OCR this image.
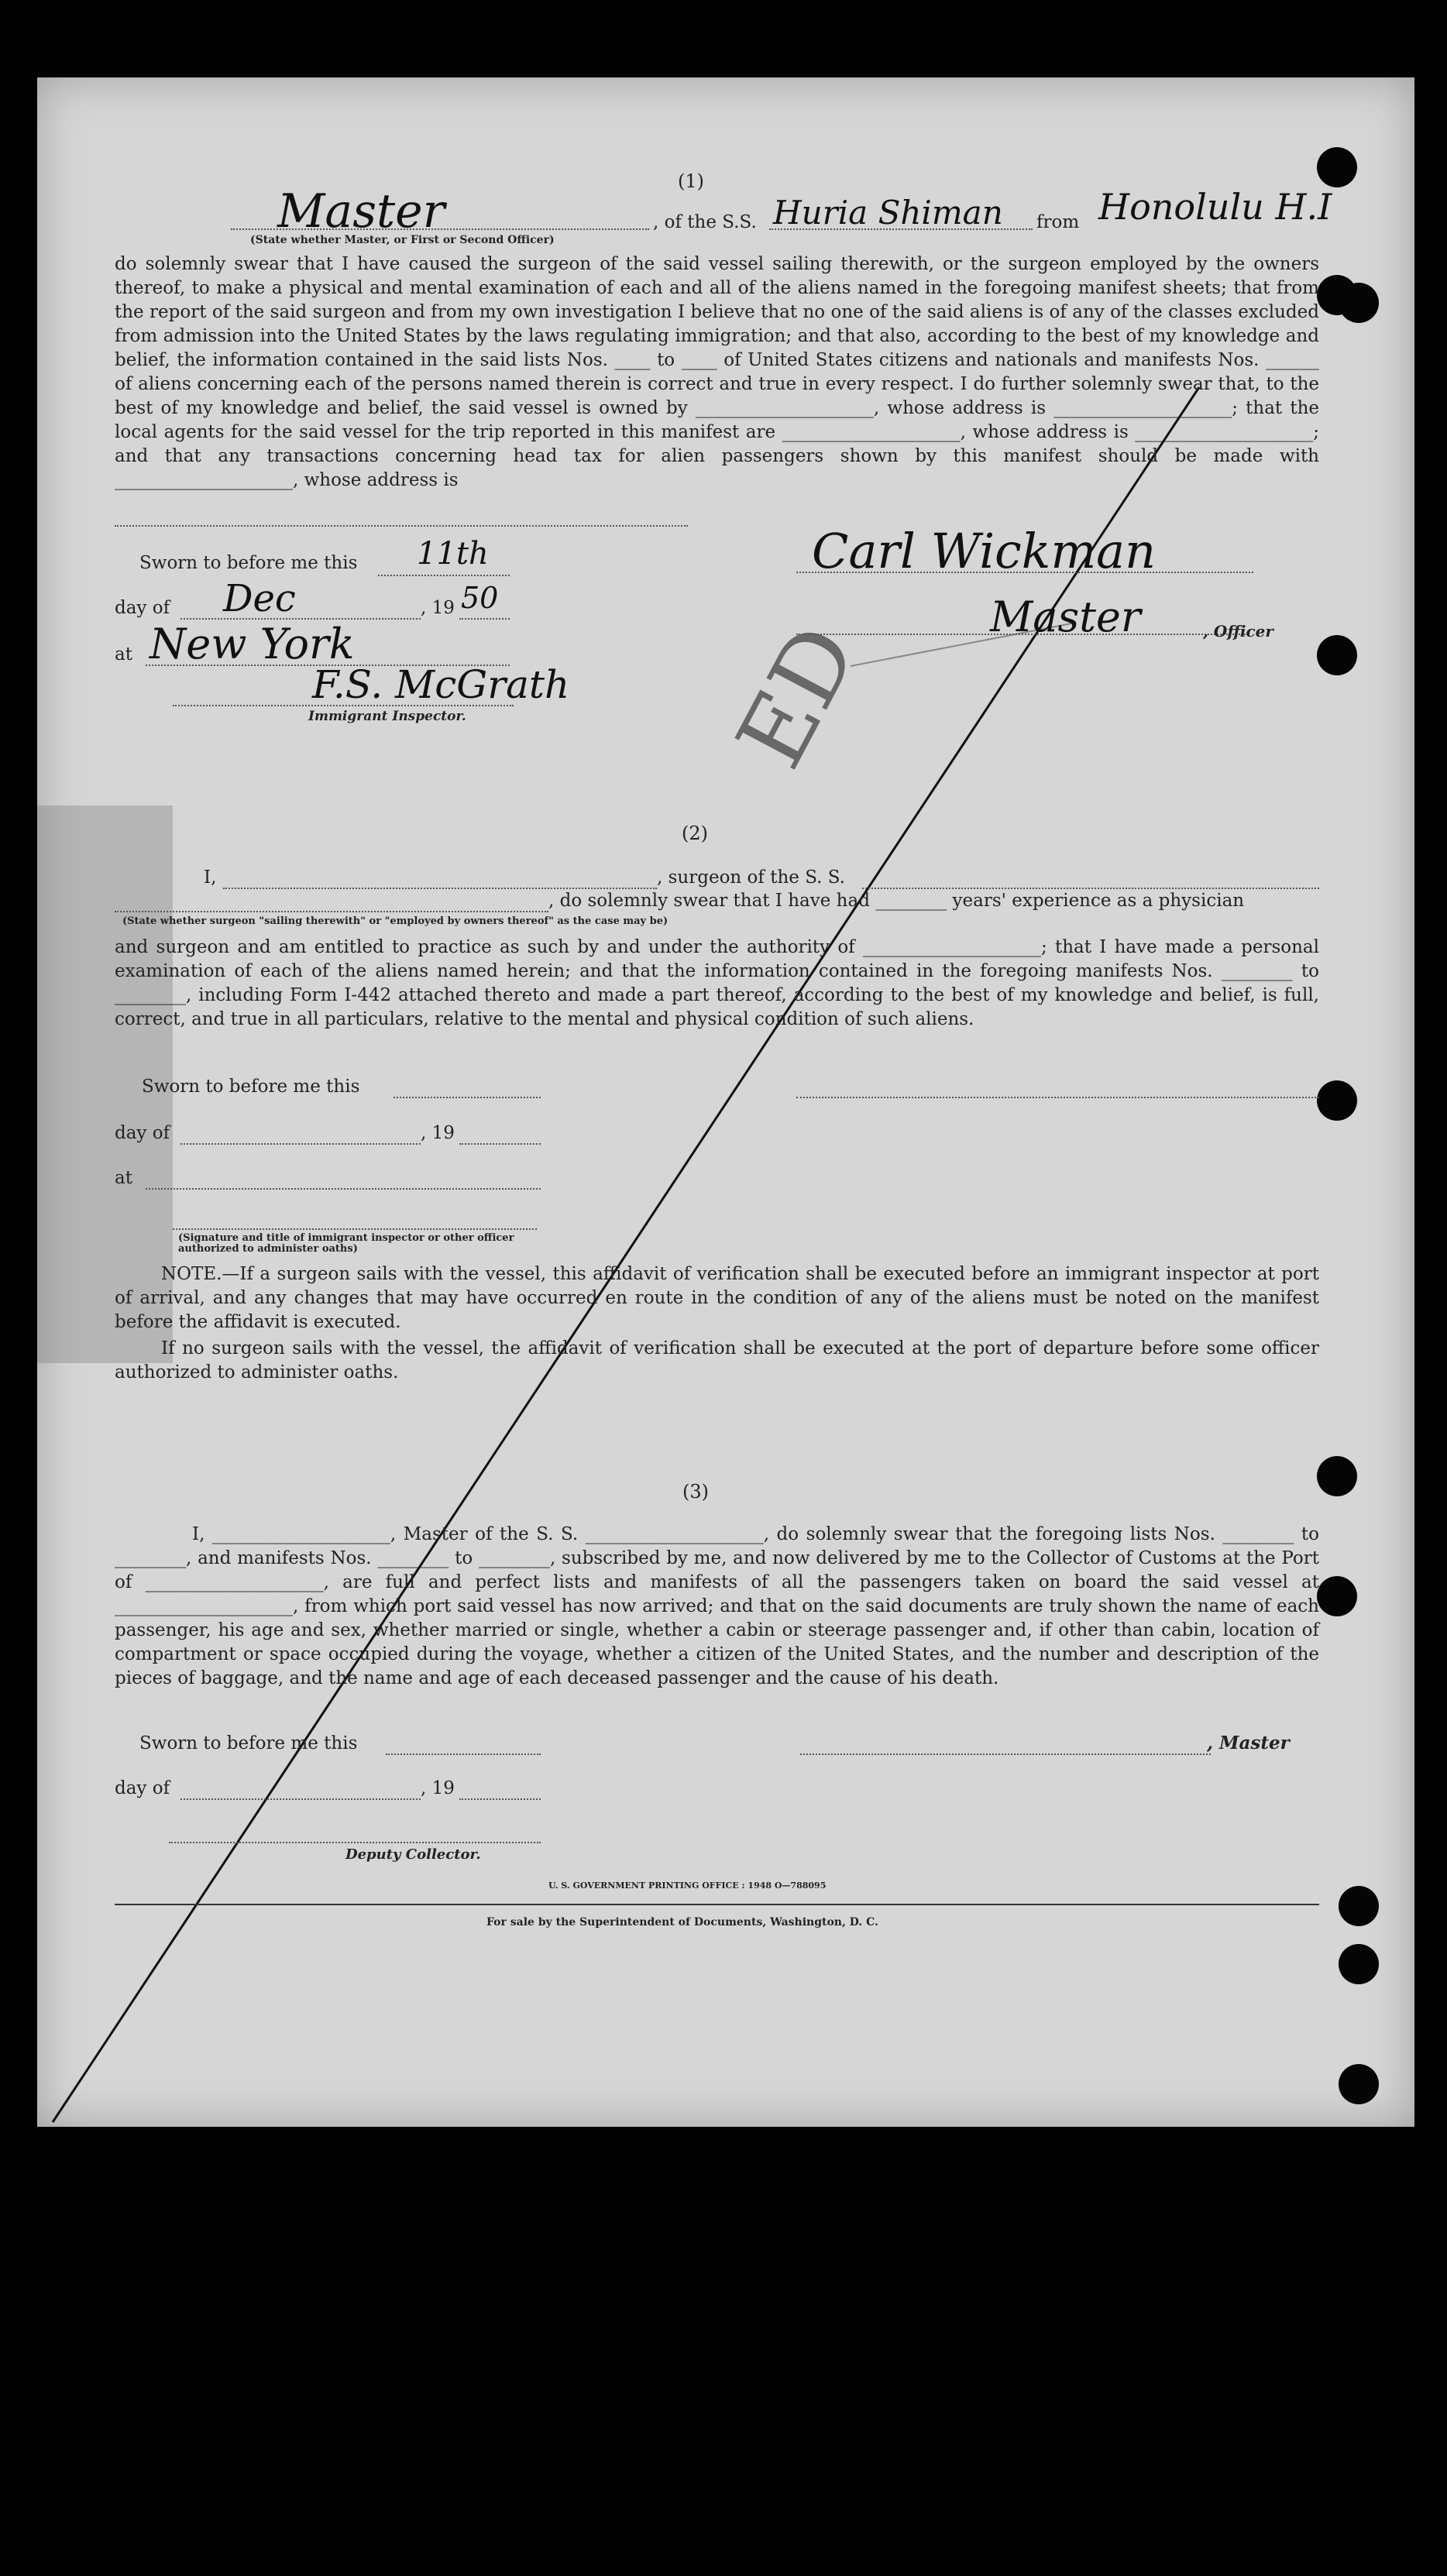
ED
(1)
Master	, of the S.S. Huria Shiman from Honolulu H.I
(State whether Master, or First or Second Officer)
do solemnly swear that I have caused the surgeon of the said vessel sailing therewith, or the surgeon employed by the owners thereof, to make a physical and mental examination of each and all of the aliens named in the foregoing manifest sheets; that from the report of the said surgeon and from my own investigation I believe that no one of the said aliens is of any of the classes excluded from admission into the United States by the laws regulating immigration; and that also, according to the best of my knowledge and belief, the information contained in the said lists Nos. ____ to ____ of United States citizens and nationals and manifests Nos. ______ of aliens concerning each of the persons named therein is correct and true in every respect. I do further solemnly swear that, to the best of my knowledge and belief, the said vessel is owned by ____________________, whose address is ____________________; that the local agents for the said vessel for the trip reported in this manifest are ____________________, whose address is ____________________; and that any transactions concerning head tax for alien passengers shown by this manifest should be made with ____________________, whose address is
Sworn to before me this 11th
day of Dec	, 19 50
at New York
F.S. McGrath
Immigrant Inspector.
Carl Wickman
Master	, Officer
(2)
I,	, surgeon of the S. S.
, do solemnly swear that I have had ________ years' experience as a physician
(State whether surgeon "sailing therewith" or "employed by owners thereof" as the case may be)
and surgeon and am entitled to practice as such by and under the authority of ____________________; that I have made a personal examination of each of the aliens named herein; and that the information contained in the foregoing manifests Nos. ________ to ________, including Form I-442 attached thereto and made a part thereof, according to the best of my knowledge and belief, is full, correct, and true in all particulars, relative to the mental and physical condition of such aliens.
Sworn to before me this
day of	, 19
at
(Signature and title of immigrant inspector or other officer authorized to administer oaths)
NOTE.—If a surgeon sails with the vessel, this affidavit of verification shall be executed before an immigrant inspector at port of arrival, and any changes that may have occurred en route in the condition of any of the aliens must be noted on the manifest before the affidavit is executed.
If no surgeon sails with the vessel, the affidavit of verification shall be executed at the port of departure before some officer authorized to administer oaths.
(3)
I, ____________________, Master of the S. S. ____________________, do solemnly swear that the foregoing lists Nos. ________ to ________, and manifests Nos. ________ to ________, subscribed by me, and now delivered by me to the Collector of Customs at the Port of ____________________, are full and perfect lists and manifests of all the passengers taken on board the said vessel at ____________________, from which port said vessel has now arrived; and that on the said documents are truly shown the name of each passenger, his age and sex, whether married or single, whether a cabin or steerage passenger and, if other than cabin, location of compartment or space occupied during the voyage, whether a citizen of the United States, and the number and description of the pieces of baggage, and the name and age of each deceased passenger and the cause of his death.
Sworn to before me this	, Master
day of	, 19
Deputy Collector.
U. S. GOVERNMENT PRINTING OFFICE : 1948 O—788095
For sale by the Superintendent of Documents, Washington, D. C.
